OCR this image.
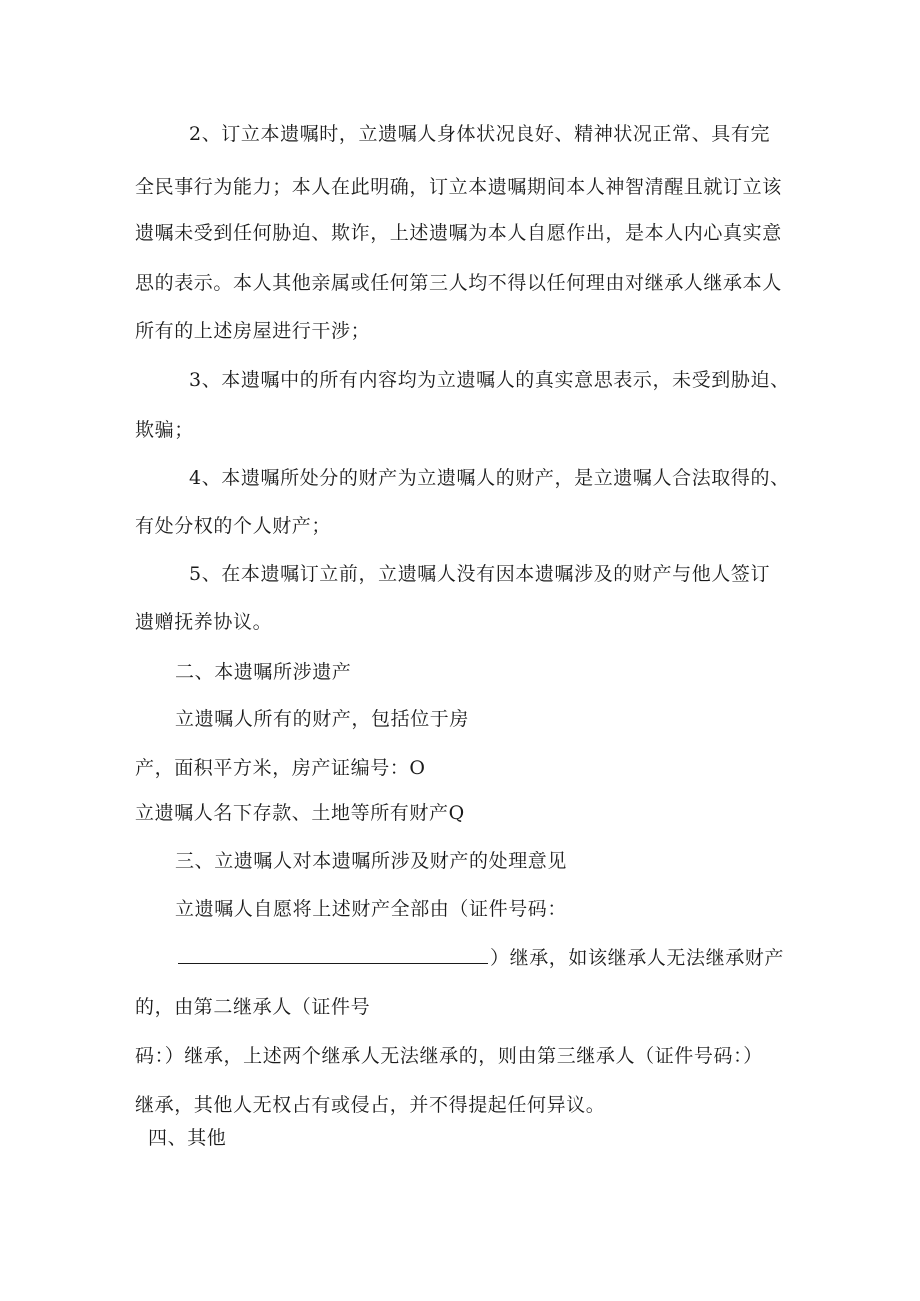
2、订立本遗嘱时，立遗嘱人身体状况良好、精神状况正常、具有完
全民事行为能力；本人在此明确，订立本遗嘱期间本人神智清醒且就订立该
遗嘱未受到任何胁迫、欺诈，上述遗嘱为本人自愿作出，是本人内心真实意
思的表示。本人其他亲属或任何第三人均不得以任何理由对继承人继承本人
所有的上述房屋进行干涉；
3、本遗嘱中的所有内容均为立遗嘱人的真实意思表示，未受到胁迫、
欺骗；
4、本遗嘱所处分的财产为立遗嘱人的财产，是立遗嘱人合法取得的、
有处分权的个人财产；
5、在本遗嘱订立前，立遗嘱人没有因本遗嘱涉及的财产与他人签订
遗赠抚养协议。
二、本遗嘱所涉遗产
立遗嘱人所有的财产，包括位于房
产，面积平方米，房产证编号：O
立遗嘱人名下存款、土地等所有财产Q
三、立遗嘱人对本遗嘱所涉及财产的处理意见
立遗嘱人自愿将上述财产全部由（证件号码：
）继承，如该继承人无法继承财产
的，由第二继承人（证件号
码：）继承，上述两个继承人无法继承的，则由第三继承人（证件号码：）
继承，其他人无权占有或侵占，并不得提起任何异议。
四、其他
